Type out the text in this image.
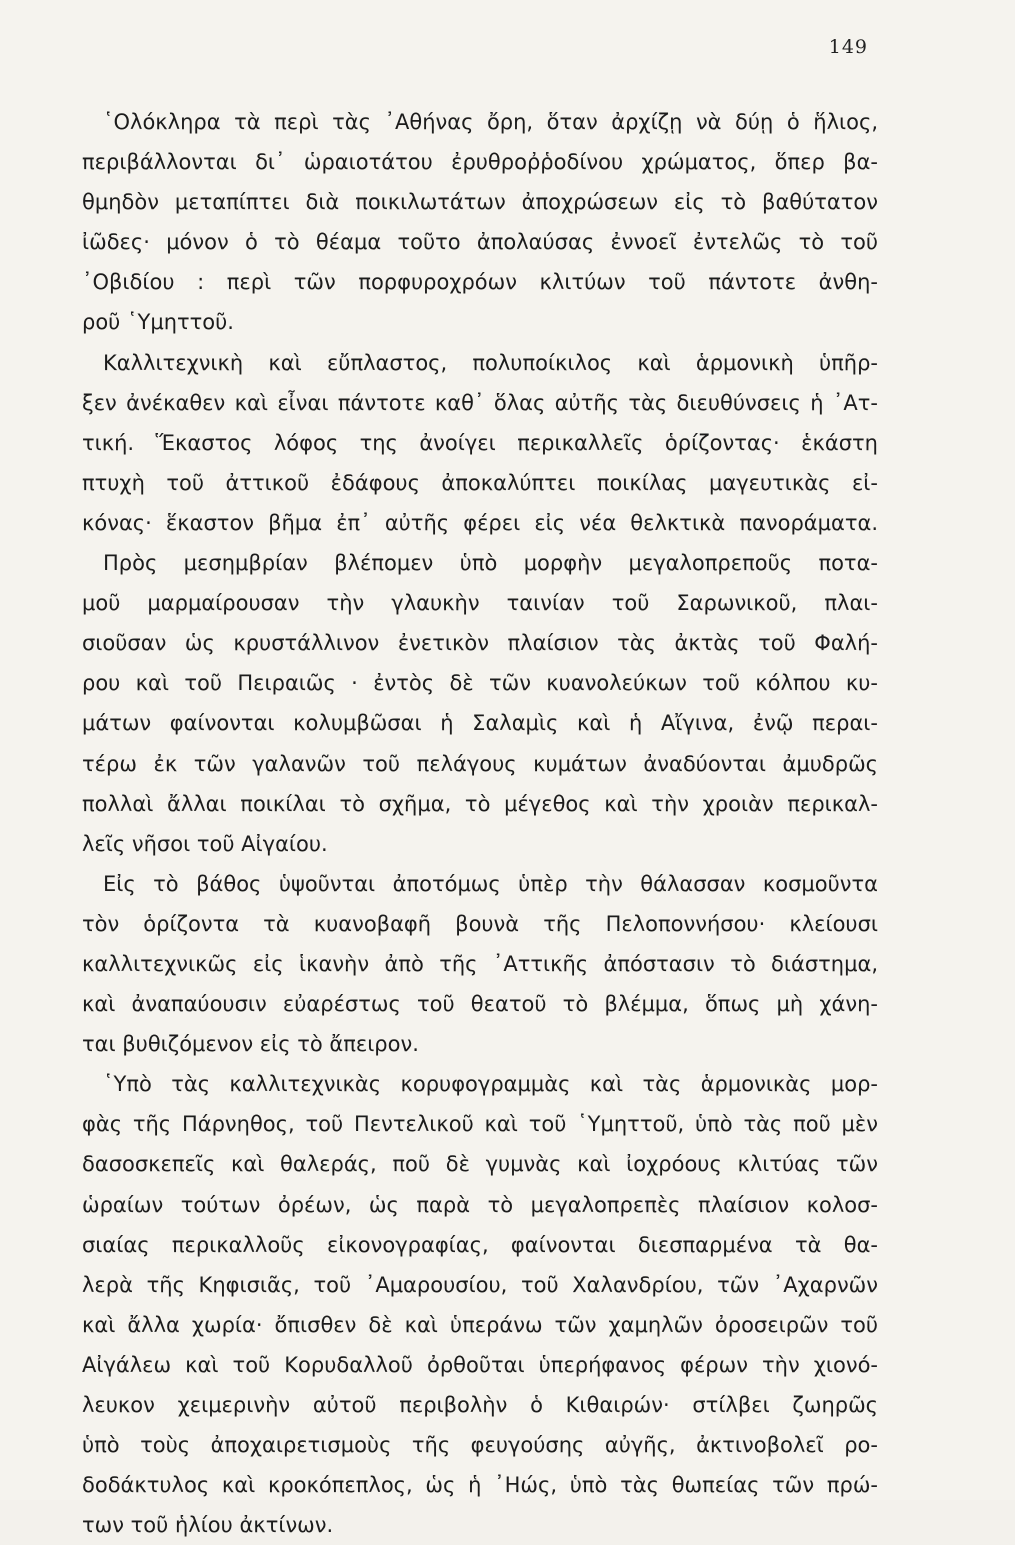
149
῾Ολόκληρα τὰ περὶ τὰς ᾿Αθήνας ὄρη, ὅταν ἀρχίζῃ νὰ δύῃ ὁ ἥλιος,
περιβάλλονται δι᾿ ὡραιοτάτου ἐρυθροῤῥοδίνου χρώματος, ὅπερ βα-
θμηδὸν μεταπίπτει διὰ ποικιλωτάτων ἀποχρώσεων εἰς τὸ βαθύτατον
ἰῶδες· μόνον ὁ τὸ θέαμα τοῦτο ἀπολαύσας ἐννοεῖ ἐντελῶς τὸ τοῦ
᾿Οβιδίου : περὶ τῶν πορφυροχρόων κλιτύων τοῦ πάντοτε ἀνθη-
ροῦ ῾Υμηττοῦ.
Καλλιτεχνικὴ καὶ εὔπλαστος, πολυποίκιλος καὶ ἁρμονικὴ ὑπῆρ-
ξεν ἀνέκαθεν καὶ εἶναι πάντοτε καθ᾿ ὅλας αὐτῆς τὰς διευθύνσεις ἡ ᾿Ατ-
τική. Ἕκαστος λόφος της ἀνοίγει περικαλλεῖς ὁρίζοντας· ἑκάστη
πτυχὴ τοῦ ἀττικοῦ ἐδάφους ἀποκαλύπτει ποικίλας μαγευτικὰς εἰ-
κόνας· ἕκαστον βῆμα ἐπ᾿ αὐτῆς φέρει εἰς νέα θελκτικὰ πανοράματα.
Πρὸς μεσημβρίαν βλέπομεν ὑπὸ μορφὴν μεγαλοπρεποῦς ποτα-
μοῦ μαρμαίρουσαν τὴν γλαυκὴν ταινίαν τοῦ Σαρωνικοῦ, πλαι-
σιοῦσαν ὡς κρυστάλλινον ἐνετικὸν πλαίσιον τὰς ἀκτὰς τοῦ Φαλή-
ρου καὶ τοῦ Πειραιῶς · ἐντὸς δὲ τῶν κυανολεύκων τοῦ κόλπου κυ-
μάτων φαίνονται κολυμβῶσαι ἡ Σαλαμὶς καὶ ἡ Αἴγινα, ἐνῷ περαι-
τέρω ἐκ τῶν γαλανῶν τοῦ πελάγους κυμάτων ἀναδύονται ἀμυδρῶς
πολλαὶ ἄλλαι ποικίλαι τὸ σχῆμα, τὸ μέγεθος καὶ τὴν χροιὰν περικαλ-
λεῖς νῆσοι τοῦ Αἰγαίου.
Εἰς τὸ βάθος ὑψοῦνται ἀποτόμως ὑπὲρ τὴν θάλασσαν κοσμοῦντα
τὸν ὁρίζοντα τὰ κυανοβαφῆ βουνὰ τῆς Πελοποννήσου· κλείουσι
καλλιτεχνικῶς εἰς ἱκανὴν ἀπὸ τῆς ᾿Αττικῆς ἀπόστασιν τὸ διάστημα,
καὶ ἀναπαύουσιν εὐαρέστως τοῦ θεατοῦ τὸ βλέμμα, ὅπως μὴ χάνη-
ται βυθιζόμενον εἰς τὸ ἄπειρον.
῾Υπὸ τὰς καλλιτεχνικὰς κορυφογραμμὰς καὶ τὰς ἁρμονικὰς μορ-
φὰς τῆς Πάρνηθος, τοῦ Πεντελικοῦ καὶ τοῦ ῾Υμηττοῦ, ὑπὸ τὰς ποῦ μὲν
δασοσκεπεῖς καὶ θαλεράς, ποῦ δὲ γυμνὰς καὶ ἰοχρόους κλιτύας τῶν
ὡραίων τούτων ὀρέων, ὡς παρὰ τὸ μεγαλοπρεπὲς πλαίσιον κολοσ-
σιαίας περικαλλοῦς εἰκονογραφίας, φαίνονται διεσπαρμένα τὰ θα-
λερὰ τῆς Κηφισιᾶς, τοῦ ᾿Αμαρουσίου, τοῦ Χαλανδρίου, τῶν ᾿Αχαρνῶν
καὶ ἄλλα χωρία· ὄπισθεν δὲ καὶ ὑπεράνω τῶν χαμηλῶν ὀροσειρῶν τοῦ
Αἰγάλεω καὶ τοῦ Κορυδαλλοῦ ὀρθοῦται ὑπερήφανος φέρων τὴν χιονό-
λευκον χειμερινὴν αὐτοῦ περιβολὴν ὁ Κιθαιρών· στίλβει ζωηρῶς
ὑπὸ τοὺς ἀποχαιρετισμοὺς τῆς φευγούσης αὐγῆς, ἀκτινοβολεῖ ρο-
δοδάκτυλος καὶ κροκόπεπλος, ὡς ἡ ᾿Ηώς, ὑπὸ τὰς θωπείας τῶν πρώ-
των τοῦ ἡλίου ἀκτίνων.
